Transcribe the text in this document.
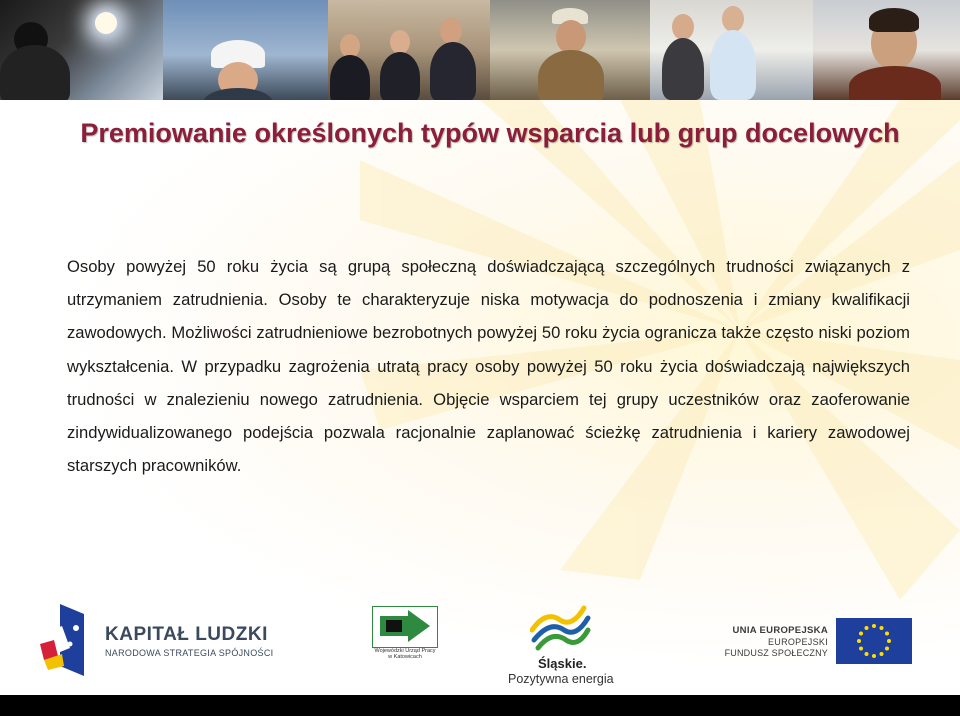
Premiowanie określonych typów wsparcia lub grup docelowych
Osoby powyżej 50 roku życia są grupą społeczną doświadczającą szczególnych trudności związanych z utrzymaniem zatrudnienia. Osoby te charakteryzuje niska motywacja do podnoszenia i zmiany kwalifikacji zawodowych. Możliwości zatrudnieniowe bezrobotnych powyżej 50 roku życia ogranicza także często niski poziom wykształcenia. W przypadku zagrożenia utratą pracy osoby powyżej 50 roku życia doświadczają największych trudności w znalezieniu nowego zatrudnienia. Objęcie wsparciem tej grupy uczestników oraz zaoferowanie zindywidualizowanego podejścia pozwala racjonalnie zaplanować ścieżkę zatrudnienia i kariery zawodowej starszych pracowników.
KAPITAŁ LUDZKI
NARODOWA STRATEGIA SPÓJNOŚCI	Wojewódzki Urząd Pracy w Katowicach	Śląskie.
Pozytywna energia
UNIA EUROPEJSKA
EUROPEJSKI
FUNDUSZ SPOŁECZNY
